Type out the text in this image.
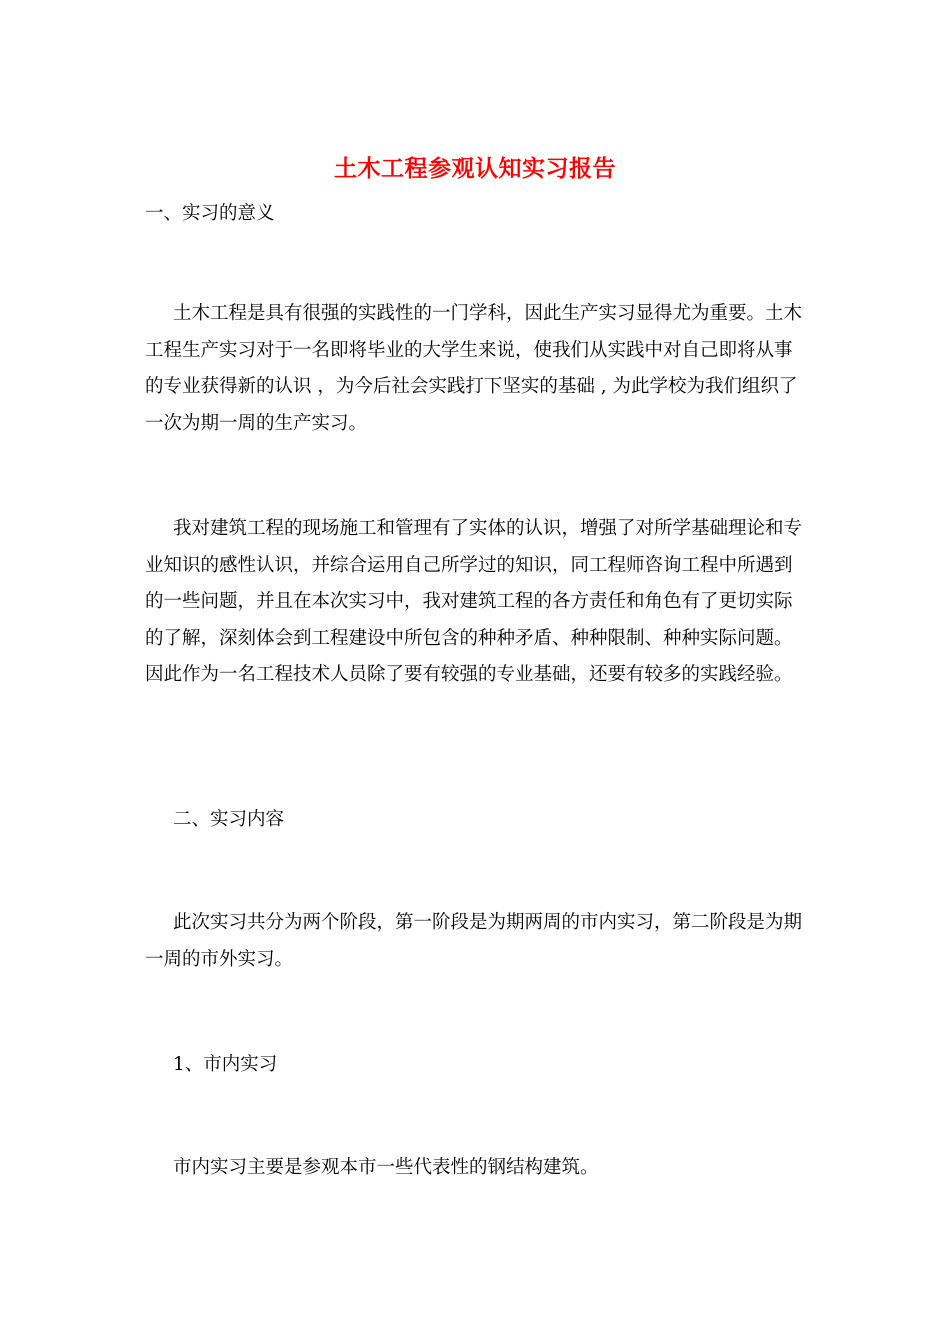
土木工程参观认知实习报告

一、实习的意义

土木工程是具有很强的实践性的一门学科，因此生产实习显得尤为重要。土木工程生产实习对于一名即将毕业的大学生来说，使我们从实践中对自己即将从事的专业获得新的认识 ，为今后社会实践打下坚实的基础 , 为此学校为我们组织了一次为期一周的生产实习。

我对建筑工程的现场施工和管理有了实体的认识，增强了对所学基础理论和专业知识的感性认识，并综合运用自己所学过的知识，同工程师咨询工程中所遇到的一些问题，并且在本次实习中，我对建筑工程的各方责任和角色有了更切实际的了解，深刻体会到工程建设中所包含的种种矛盾、种种限制、种种实际问题。因此作为一名工程技术人员除了要有较强的专业基础，还要有较多的实践经验。

二、实习内容

此次实习共分为两个阶段，第一阶段是为期两周的市内实习，第二阶段是为期一周的市外实习。

1、市内实习

市内实习主要是参观本市一些代表性的钢结构建筑。
